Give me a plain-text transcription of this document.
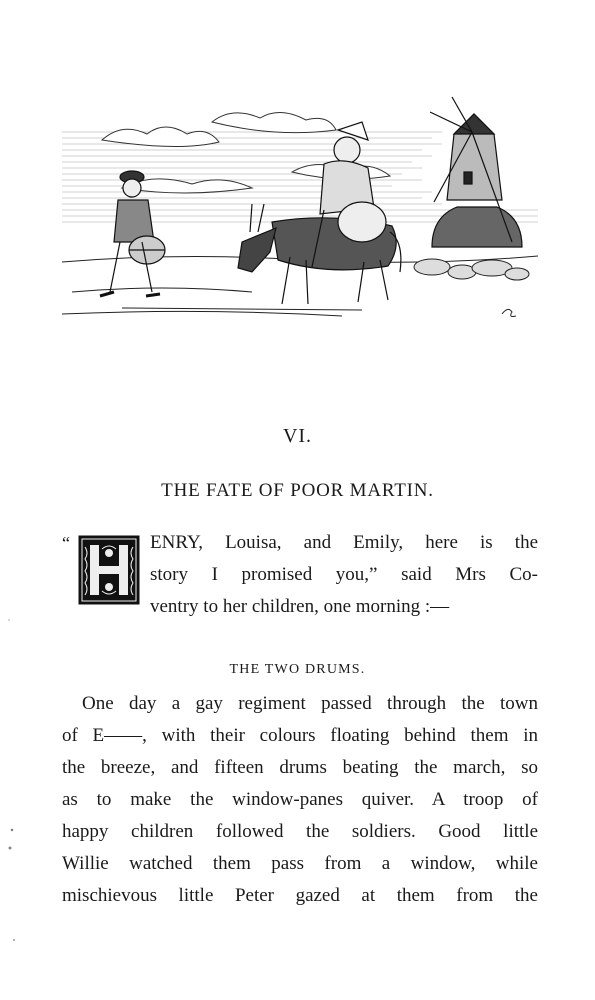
VI.
THE FATE OF POOR MARTIN.
“	ENRY, Louisa, and Emily, here is the
story I promised you,” said Mrs Co-
ventry to her children, one morning :—
THE TWO DRUMS.
One day a gay regiment passed through the town
of E——, with their colours floating behind them in
the breeze, and fifteen drums beating the march, so
as to make the window-panes quiver. A troop of
happy children followed the soldiers. Good little
Willie watched them pass from a window, while
mischievous little Peter gazed at them from the
